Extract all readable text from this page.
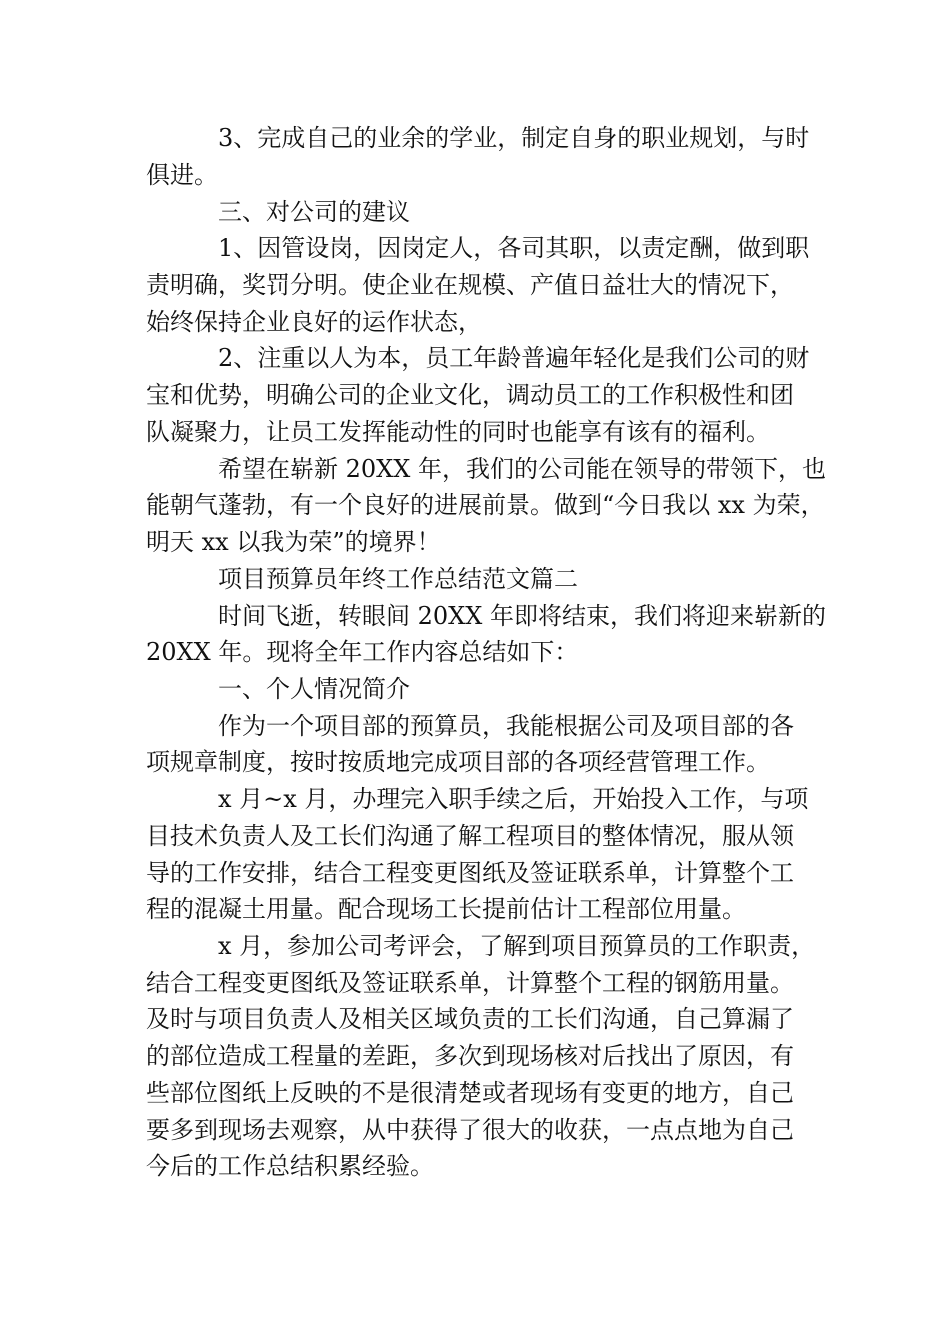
3、完成自己的业余的学业，制定自身的职业规划，与时
俱进。
三、对公司的建议
1、因管设岗，因岗定人，各司其职，以责定酬，做到职
责明确，奖罚分明。使企业在规模、产值日益壮大的情况下，
始终保持企业良好的运作状态，
2、注重以人为本，员工年龄普遍年轻化是我们公司的财
宝和优势，明确公司的企业文化，调动员工的工作积极性和团
队凝聚力，让员工发挥能动性的同时也能享有该有的福利。
希望在崭新 20XX 年，我们的公司能在领导的带领下，也
能朝气蓬勃，有一个良好的进展前景。做到“今日我以 xx 为荣，
明天 xx 以我为荣”的境界！
项目预算员年终工作总结范文篇二
时间飞逝，转眼间 20XX 年即将结束，我们将迎来崭新的
20XX 年。现将全年工作内容总结如下：
一、个人情况简介
作为一个项目部的预算员，我能根据公司及项目部的各
项规章制度，按时按质地完成项目部的各项经营管理工作。
x 月~x 月，办理完入职手续之后，开始投入工作，与项
目技术负责人及工长们沟通了解工程项目的整体情况，服从领
导的工作安排，结合工程变更图纸及签证联系单，计算整个工
程的混凝土用量。配合现场工长提前估计工程部位用量。
x 月，参加公司考评会，了解到项目预算员的工作职责，
结合工程变更图纸及签证联系单，计算整个工程的钢筋用量。
及时与项目负责人及相关区域负责的工长们沟通，自己算漏了
的部位造成工程量的差距，多次到现场核对后找出了原因，有
些部位图纸上反映的不是很清楚或者现场有变更的地方，自己
要多到现场去观察，从中获得了很大的收获，一点点地为自己
今后的工作总结积累经验。
